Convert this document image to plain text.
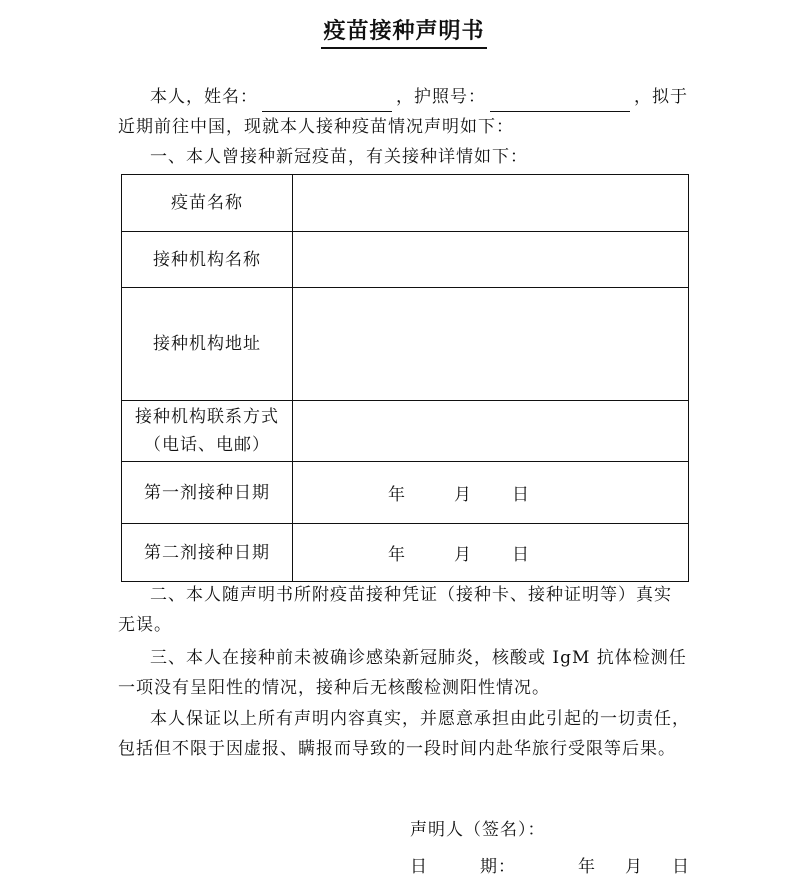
疫苗接种声明书
本人，姓名：	，护照号：	，拟于
近期前往中国，现就本人接种疫苗情况声明如下：
一、本人曾接种新冠疫苗，有关接种详情如下：
疫苗名称	
接种机构名称	
接种机构地址	

接种机构联系方式
（电话、电邮）	

第一剂接种日期	年 月 日

第二剂接种日期	年 月 日
二、本人随声明书所附疫苗接种凭证（接种卡、接种证明等）真实
无误。
三、本人在接种前未被确诊感染新冠肺炎，核酸或 IgM 抗体检测任
一项没有呈阳性的情况，接种后无核酸检测阳性情况。
本人保证以上所有声明内容真实，并愿意承担由此引起的一切责任，
包括但不限于因虚报、瞒报而导致的一段时间内赴华旅行受限等后果。
声明人（签名）：
日	期：	年 月 日
